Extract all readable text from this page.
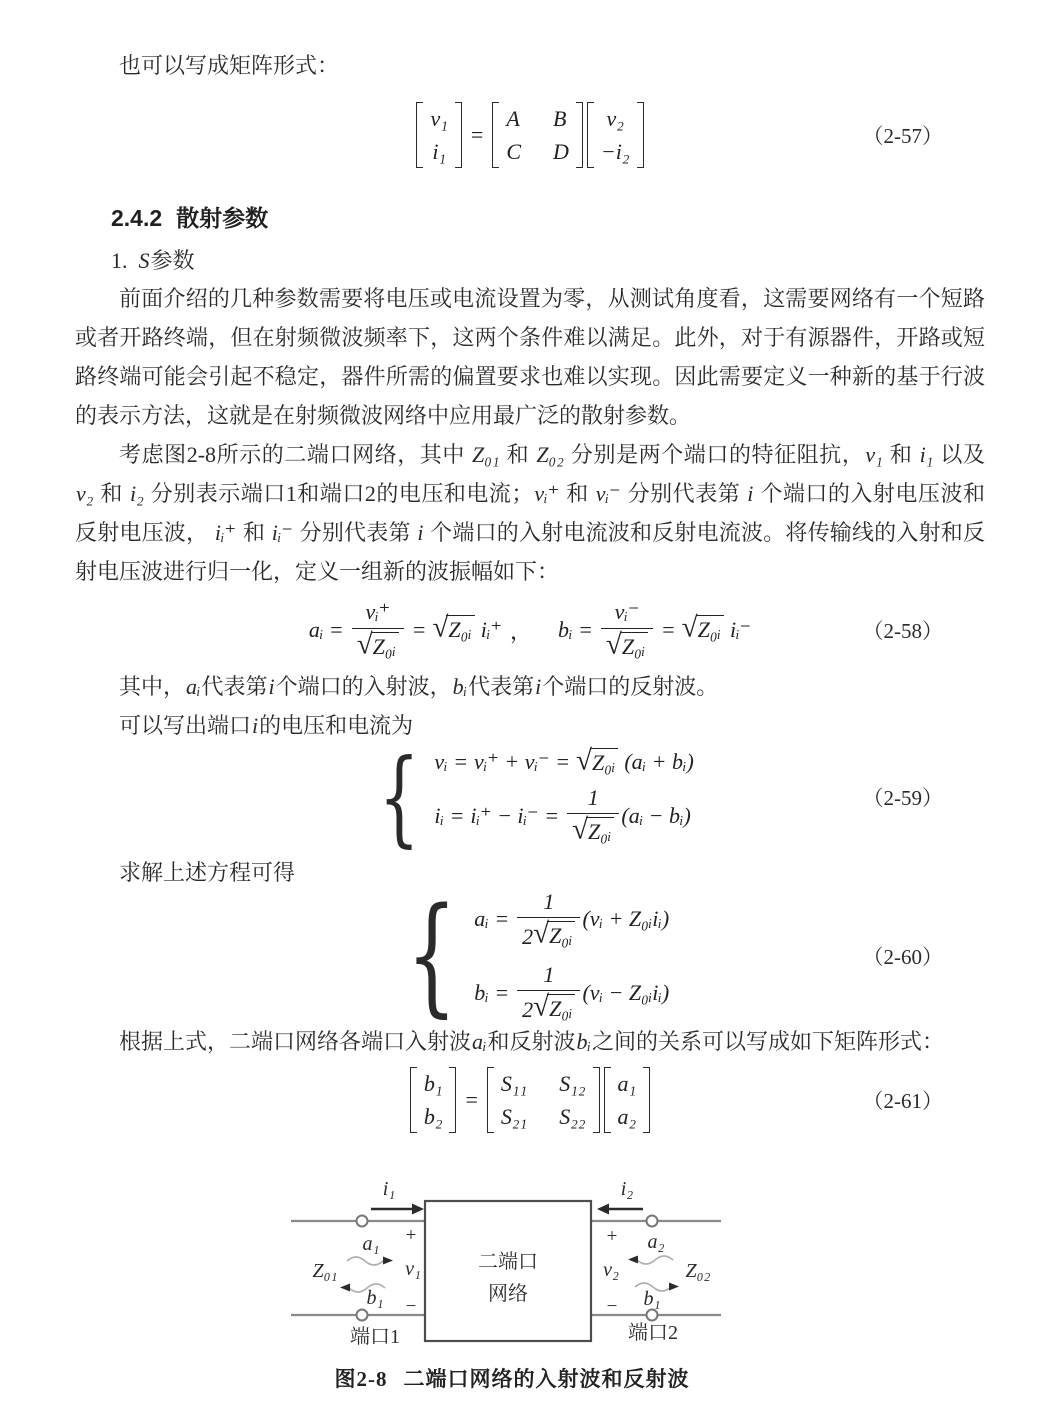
也可以写成矩阵形式：

v₁
i₁
=
A B
C D
v₂
−i₂
（2-57）
2.4.2 散射参数

1. S参数

前面介绍的几种参数需要将电压或电流设置为零，从测试角度看，这需要网络有一个短路或者开路终端，但在射频微波频率下，这两个条件难以满足。此外，对于有源器件，开路或短路终端可能会引起不稳定，器件所需的偏置要求也难以实现。因此需要定义一种新的基于行波的表示方法，这就是在射频微波网络中应用最广泛的散射参数。

考虑图2-8所示的二端口网络，其中 Z₀₁ 和 Z₀₂ 分别是两个端口的特征阻抗，v₁ 和 i₁ 以及 v₂ 和 i₂ 分别表示端口1和端口2的电压和电流；vᵢ⁺ 和 vᵢ⁻ 分别代表第 i 个端口的入射电压波和反射电压波， iᵢ⁺ 和 iᵢ⁻ 分别代表第 i 个端口的入射电流波和反射电流波。将传输线的入射和反射电压波进行归一化，定义一组新的波振幅如下：

aᵢ = $\frac{\text{vᵢ⁺}}{\text{√ Z₀ᵢ}}$ = √ Z₀ᵢ iᵢ⁺ ， bᵢ = $\frac{\text{vᵢ⁻}}{\text{√ Z₀ᵢ}}$ = √ Z₀ᵢ iᵢ⁻	（2-58）

其中，aᵢ代表第i个端口的入射波，bᵢ代表第i个端口的反射波。

可以写出端口i的电压和电流为

{ vᵢ = vᵢ⁺ + vᵢ⁻ = √ Z₀ᵢ (aᵢ + bᵢ)
iᵢ = iᵢ⁺ − iᵢ⁻ = $\frac{1}{\text{√ Z₀ᵢ}}$ (aᵢ − bᵢ)
（2-59）

求解上述方程可得

{ aᵢ = $\frac{1}{\text{2 √ Z₀ᵢ}}$ (vᵢ + Z₀ᵢiᵢ)
bᵢ = $\frac{1}{\text{2 √ Z₀ᵢ}}$ (vᵢ − Z₀ᵢiᵢ)
（2-60）

根据上式，二端口网络各端口入射波aᵢ和反射波bᵢ之间的关系可以写成如下矩阵形式：

b₁
b₂
=
S₁₁ S₁₂
S₂₁ S₂₂
a₁
a₂
（2-61）
二端口
网络
i₁	i₂
+
−
v₁
+
−
v₂
a₁
b₁
a₂
b₁
Z₀₁	Z₀₂
端口1	端口2

图2-8 二端口网络的入射波和反射波
